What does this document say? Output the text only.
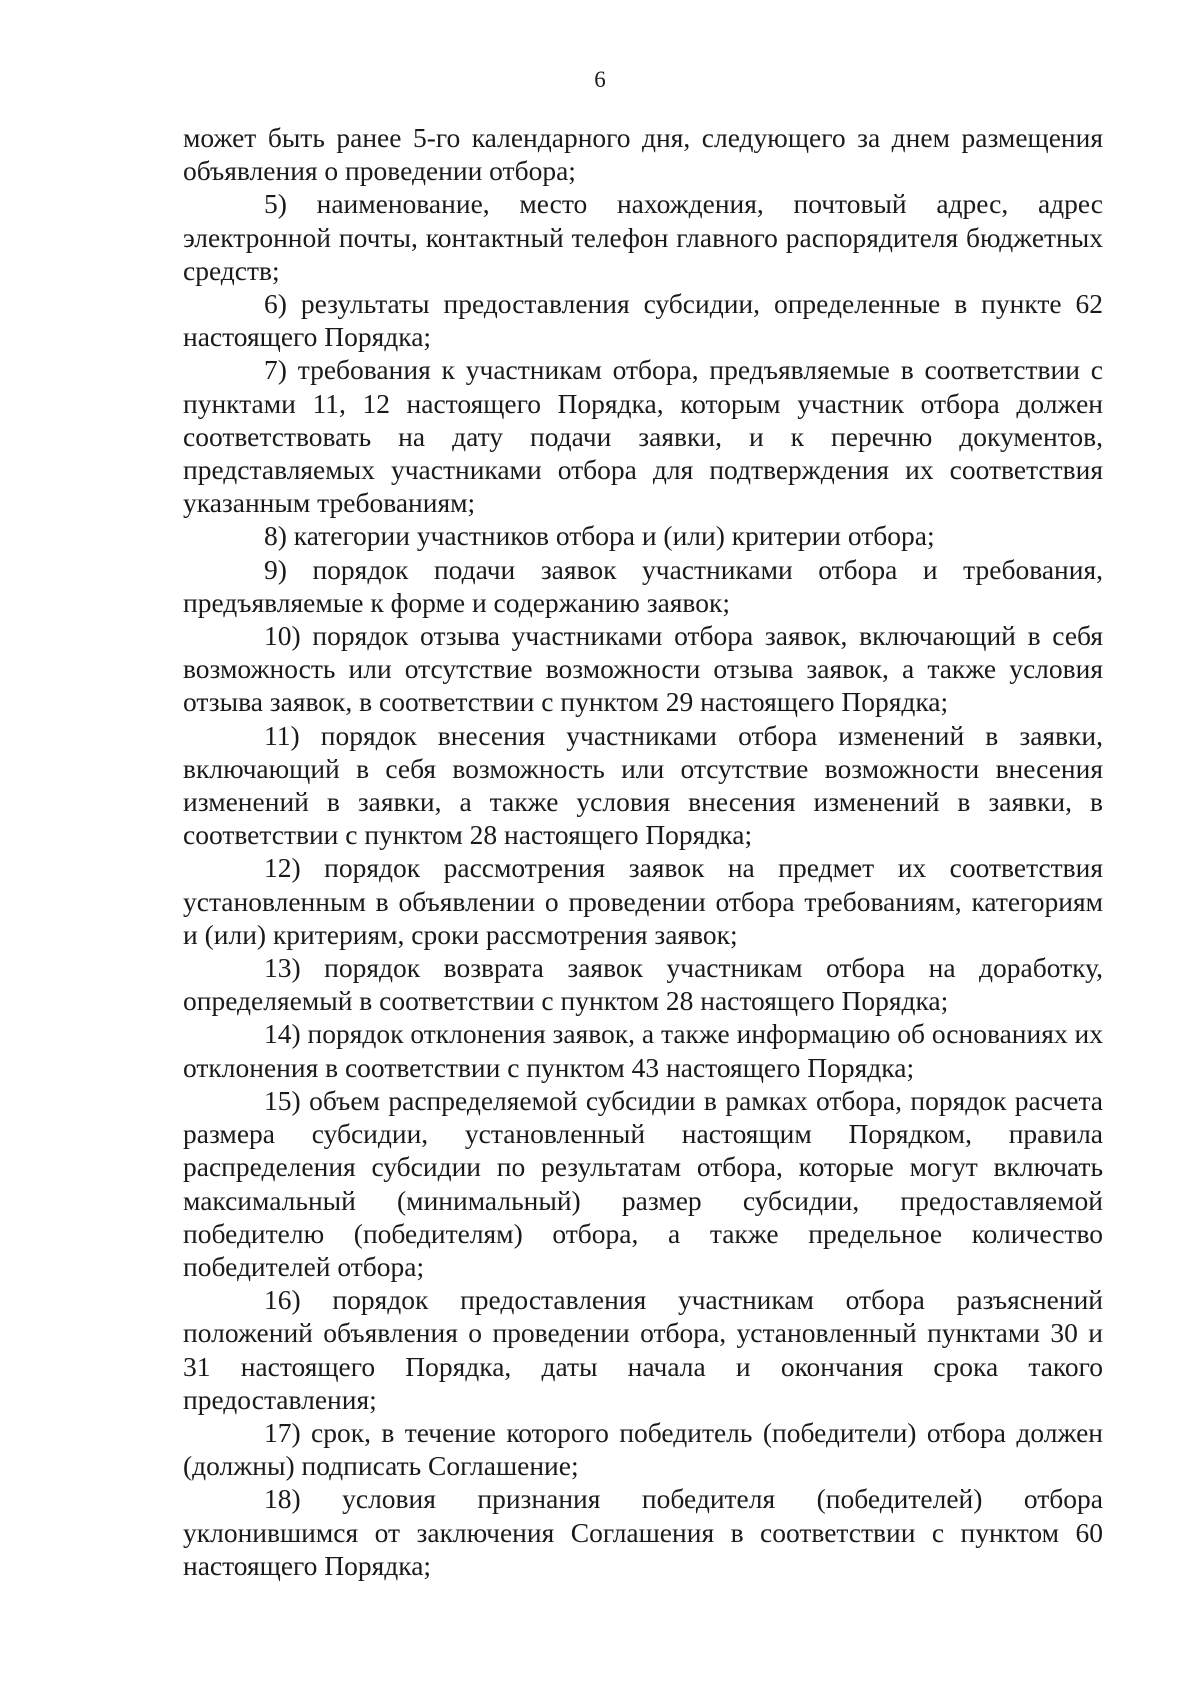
6

может быть ранее 5-го календарного дня, следующего за днем размещения объявления о проведении отбора;

5) наименование, место нахождения, почтовый адрес, адрес электронной почты, контактный телефон главного распорядителя бюджетных средств;

6) результаты предоставления субсидии, определенные в пункте 62 настоящего Порядка;

7) требования к участникам отбора, предъявляемые в соответствии с пунктами 11, 12 настоящего Порядка, которым участник отбора должен соответствовать на дату подачи заявки, и к перечню документов, представляемых участниками отбора для подтверждения их соответствия указанным требованиям;

8) категории участников отбора и (или) критерии отбора;

9) порядок подачи заявок участниками отбора и требования, предъявляемые к форме и содержанию заявок;

10) порядок отзыва участниками отбора заявок, включающий в себя возможность или отсутствие возможности отзыва заявок, а также условия отзыва заявок, в соответствии с пунктом 29 настоящего Порядка;

11) порядок внесения участниками отбора изменений в заявки, включающий в себя возможность или отсутствие возможности внесения изменений в заявки, а также условия внесения изменений в заявки, в соответствии с пунктом 28 настоящего Порядка;

12) порядок рассмотрения заявок на предмет их соответствия установленным в объявлении о проведении отбора требованиям, категориям и (или) критериям, сроки рассмотрения заявок;

13) порядок возврата заявок участникам отбора на доработку, определяемый в соответствии с пунктом 28 настоящего Порядка;

14) порядок отклонения заявок, а также информацию об основаниях их отклонения в соответствии с пунктом 43 настоящего Порядка;

15) объем распределяемой субсидии в рамках отбора, порядок расчета размера субсидии, установленный настоящим Порядком, правила распределения субсидии по результатам отбора, которые могут включать максимальный (минимальный) размер субсидии, предоставляемой победителю (победителям) отбора, а также предельное количество победителей отбора;

16) порядок предоставления участникам отбора разъяснений положений объявления о проведении отбора, установленный пунктами 30 и 31 настоящего Порядка, даты начала и окончания срока такого предоставления;

17) срок, в течение которого победитель (победители) отбора должен (должны) подписать Соглашение;

18) условия признания победителя (победителей) отбора уклонившимся от заключения Соглашения в соответствии с пунктом 60 настоящего Порядка;
